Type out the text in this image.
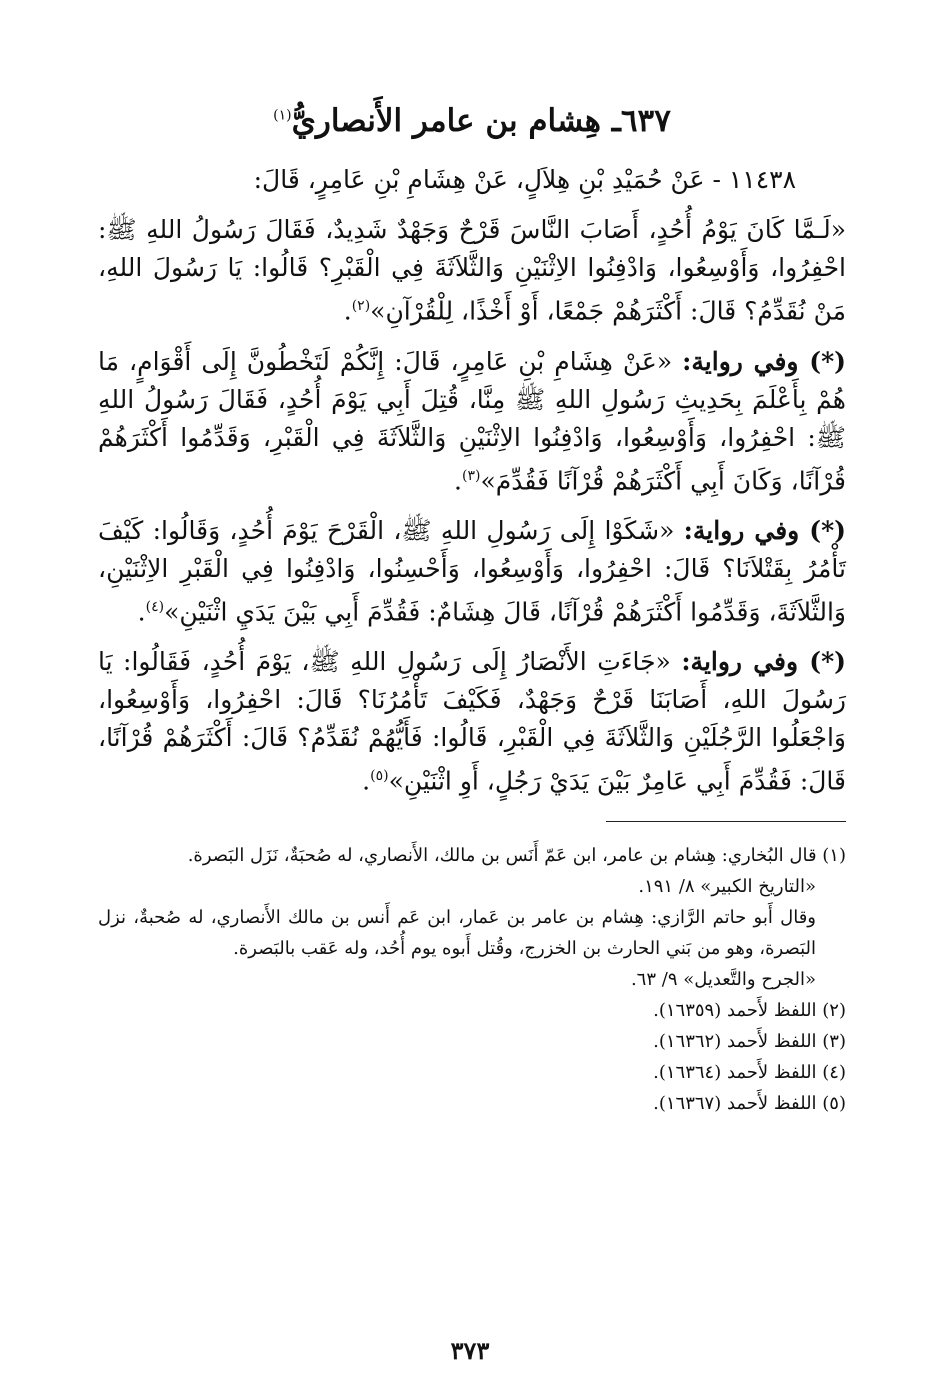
٦٣٧ـ هِشام بن عامر الأَنصاريُّ$^{(١)}$

١١٤٣٨ - عَنْ حُمَيْدِ بْنِ هِلاَلٍ، عَنْ هِشَامِ بْنِ عَامِرٍ، قَالَ:

«لَـمَّا كَانَ يَوْمُ أُحُدٍ، أَصَابَ النَّاسَ قَرْحٌ وَجَهْدٌ شَدِيدٌ، فَقَالَ رَسُولُ اللهِ ﷺ: احْفِرُوا، وَأَوْسِعُوا، وَادْفِنُوا الاِثْنَيْنِ وَالثَّلاَثَةَ فِي الْقَبْرِ؟ قَالُوا: يَا رَسُولَ اللهِ، مَنْ نُقَدِّمُ؟ قَالَ: أَكْثَرَهُمْ جَمْعًا، أَوْ أَخْذًا، لِلْقُرْآنِ»$^{(٢)}$.

(*) وفي رواية: «عَنْ هِشَامِ بْنِ عَامِرٍ، قَالَ: إِنَّكُمْ لَتَخْطُونَّ إِلَى أَقْوَامٍ، مَا هُمْ بِأَعْلَمَ بِحَدِيثِ رَسُولِ اللهِ ﷺ مِنَّا، قُتِلَ أَبِي يَوْمَ أُحُدٍ، فَقَالَ رَسُولُ اللهِ ﷺ: احْفِرُوا، وَأَوْسِعُوا، وَادْفِنُوا الاِثْنَيْنِ وَالثَّلاَثَةَ فِي الْقَبْرِ، وَقَدِّمُوا أَكْثَرَهُمْ قُرْآنًا، وَكَانَ أَبِي أَكْثَرَهُمْ قُرْآنًا فَقُدِّمَ»$^{(٣)}$.

(*) وفي رواية: «شَكَوْا إِلَى رَسُولِ اللهِ ﷺ، الْقَرْحَ يَوْمَ أُحُدٍ، وَقَالُوا: كَيْفَ تَأْمُرُ بِقَتْلاَنَا؟ قَالَ: احْفِرُوا، وَأَوْسِعُوا، وَأَحْسِنُوا، وَادْفِنُوا فِي الْقَبْرِ الاِثْنَيْنِ، وَالثَّلاَثَةَ، وَقَدِّمُوا أَكْثَرَهُمْ قُرْآنًا، قَالَ هِشَامٌ: فَقُدِّمَ أَبِي بَيْنَ يَدَيِ اثْنَيْنِ»$^{(٤)}$.

(*) وفي رواية: «جَاءَتِ الأَنْصَارُ إِلَى رَسُولِ اللهِ ﷺ، يَوْمَ أُحُدٍ، فَقَالُوا: يَا رَسُولَ اللهِ، أَصَابَنَا قَرْحٌ وَجَهْدٌ، فَكَيْفَ تَأْمُرُنَا؟ قَالَ: احْفِرُوا، وَأَوْسِعُوا، وَاجْعَلُوا الرَّجُلَيْنِ وَالثَّلاَثَةَ فِي الْقَبْرِ، قَالُوا: فَأَيُّهُمْ نُقَدِّمُ؟ قَالَ: أَكْثَرَهُمْ قُرْآنًا، قَالَ: فَقُدِّمَ أَبِي عَامِرٌ بَيْنَ يَدَيْ رَجُلٍ، أَوِ اثْنَيْنِ»$^{(٥)}$.

(١) قال البُخاري: هِشام بن عامر، ابن عَمّ أَنَس بن مالك، الأَنصاري، له صُحبَةٌ، نَزَل البَصرة.

«التاريخ الكبير» ٨/ ١٩١.

وقال أَبو حاتم الرَّازي: هِشام بن عامر بن عَمار، ابن عَم أَنس بن مالك الأَنصاري، له صُحبةٌ، نزل البَصرة، وهو من بَني الحارث بن الخزرج، وقُتل أَبوه يوم أُحُد، وله عَقب بالبَصرة.

«الجرح والتَّعديل» ٩/ ٦٣.

(٢) اللفظ لأَحمد (١٦٣٥٩).

(٣) اللفظ لأَحمد (١٦٣٦٢).

(٤) اللفظ لأَحمد (١٦٣٦٤).

(٥) اللفظ لأَحمد (١٦٣٦٧).

٣٧٣
